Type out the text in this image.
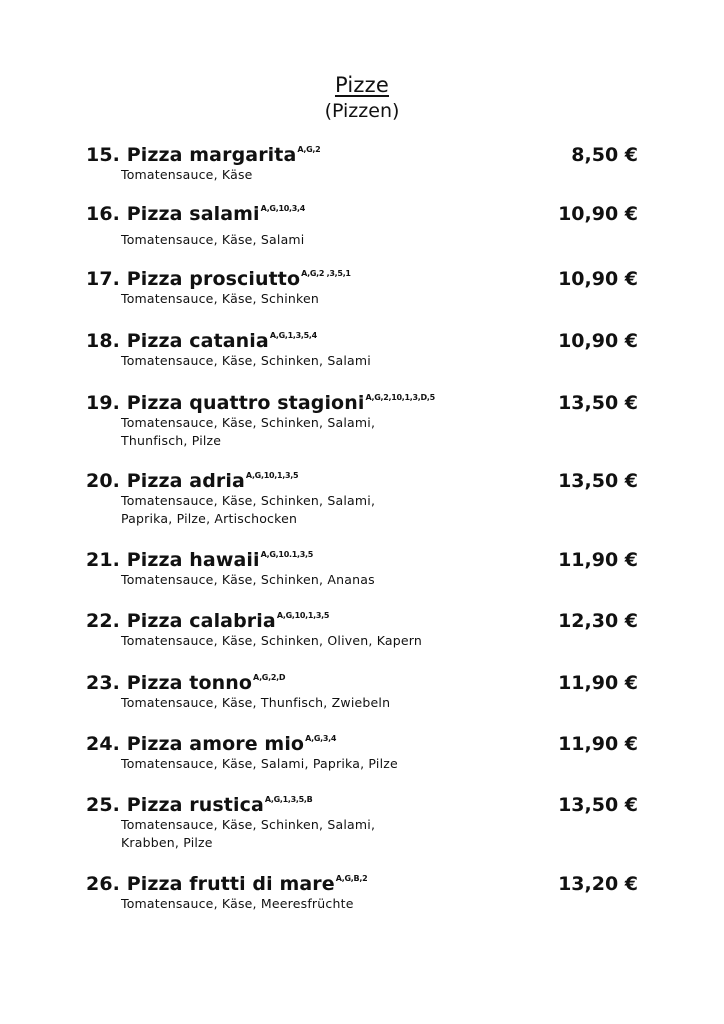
Pizze
(Pizzen)
15. Pizza margarita$^{A,G,2}$	8,50 €
Tomatensauce, Käse
16. Pizza salami$^{A,G,10,3,4}$	10,90 €
Tomatensauce, Käse, Salami
17. Pizza prosciutto$^{A,G,2 ,3,5,1}$	10,90 €
Tomatensauce, Käse, Schinken
18. Pizza catania$^{A,G,1,3,5,4}$	10,90 €
Tomatensauce, Käse, Schinken, Salami
19. Pizza quattro stagioni$^{A,G,2,10,1,3,D,5}$	13,50 €
Tomatensauce, Käse, Schinken, Salami, Thunfisch, Pilze
20. Pizza adria$^{A,G,10,1,3,5}$	13,50 €
Tomatensauce, Käse, Schinken, Salami, Paprika, Pilze, Artischocken
21. Pizza hawaii$^{A,G,10.1,3,5}$	11,90 €
Tomatensauce, Käse, Schinken, Ananas
22. Pizza calabria$^{A,G,10,1,3,5}$	12,30 €
Tomatensauce, Käse, Schinken, Oliven, Kapern
23. Pizza tonno$^{A,G,2,D}$	11,90 €
Tomatensauce, Käse, Thunfisch, Zwiebeln
24. Pizza amore mio$^{A,G,3,4}$	11,90 €
Tomatensauce, Käse, Salami, Paprika, Pilze
25. Pizza rustica$^{A,G,1,3,5,B}$	13,50 €
Tomatensauce, Käse, Schinken, Salami, Krabben, Pilze
26. Pizza frutti di mare$^{A,G,B,2}$	13,20 €
Tomatensauce, Käse, Meeresfrüchte
